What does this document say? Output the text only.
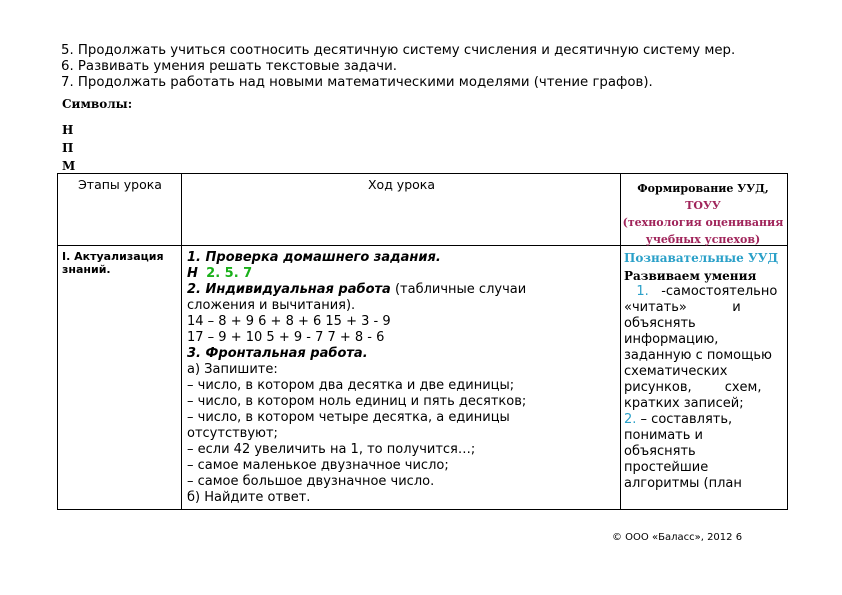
5. Продолжать учиться соотносить десятичную систему счисления и десятичную систему мер.
6. Развивать умения решать текстовые задачи.
7. Продолжать работать над новыми математическими моделями (чтение графов).
Символы:
Н
П
М
Этапы урока	Ход урока	Формирование УУД,
ТОУУ
(технология оценивания
учебных успехов)
I. Актуализация
знаний.
1. Проверка домашнего задания.
Н 2. 5. 7
2. Индивидуальная работа (табличные случаи
сложения и вычитания).
14 – 8 + 9 6 + 8 + 6 15 + 3 - 9
17 – 9 + 10 5 + 9 - 7 7 + 8 - 6
3. Фронтальная работа.
а) Запишите:
– число, в котором два десятка и две единицы;
– число, в котором ноль единиц и пять десятков;
– число, в котором четыре десятка, а единицы
отсутствуют;
– если 42 увеличить на 1, то получится…;
– самое маленькое двузначное число;
– самое большое двузначное число.
б) Найдите ответ.
Познавательные УУД
Развиваем умения
1. -самостоятельно
«читать»           и
объяснять
информацию,
заданную с помощью
схематических
рисунков,        схем,
кратких записей;
2. – составлять,
понимать и
объяснять
простейшие
алгоритмы (план
© ООО «Баласс», 2012 6
